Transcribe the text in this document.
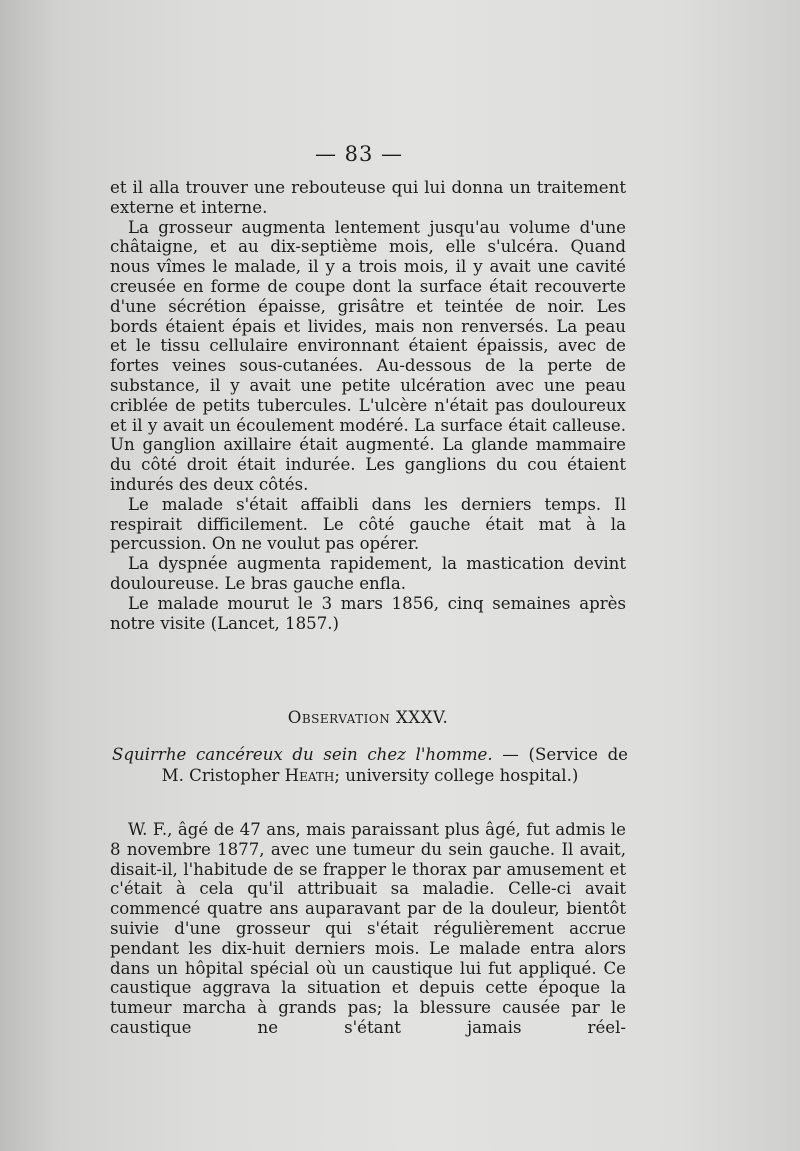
— 83 —

et il alla trouver une rebouteuse qui lui donna un traitement

externe et interne.

La grosseur augmenta lentement jusqu'au volume d'une châtaigne, et au dix-septième mois, elle s'ulcéra. Quand nous vîmes le malade, il y a trois mois, il y avait une cavité creusée en forme de coupe dont la surface était recouverte d'une sécrétion épaisse, grisâtre et teintée de noir. Les bords étaient épais et livides, mais non renversés. La peau et le tissu cellulaire environnant étaient épaissis, avec de fortes veines sous-cutanées. Au-dessous de la perte de substance, il y avait une petite ulcération avec une peau criblée de petits tubercules. L'ulcère n'était pas douloureux et il y avait un écoulement modéré. La surface était calleuse. Un ganglion axillaire était augmenté. La glande mammaire du côté droit était indurée. Les ganglions du cou étaient indurés des deux côtés.

Le malade s'était affaibli dans les derniers temps. Il respirait difficilement. Le côté gauche était mat à la percussion. On ne voulut pas opérer.

La dyspnée augmenta rapidement, la mastication devint douloureuse. Le bras gauche enfla.

Le malade mourut le 3 mars 1856, cinq semaines après notre visite (Lancet, 1857.)

Observation XXXV.
Squirrhe cancéreux du sein chez l'homme. — (Service de
M. Cristopher Heath; university college hospital.)

W. F., âgé de 47 ans, mais paraissant plus âgé, fut admis le 8 novembre 1877, avec une tumeur du sein gauche. Il avait, disait-il, l'habitude de se frapper le thorax par amusement et c'était à cela qu'il attribuait sa maladie. Celle-ci avait commencé quatre ans auparavant par de la douleur, bientôt suivie d'une grosseur qui s'était régulièrement accrue pendant les dix-huit derniers mois. Le malade entra alors dans un hôpital spécial où un caustique lui fut appliqué. Ce caustique aggrava la situation et depuis cette époque la tumeur marcha à grands pas; la blessure causée par le caustique ne s'étant jamais réel-
